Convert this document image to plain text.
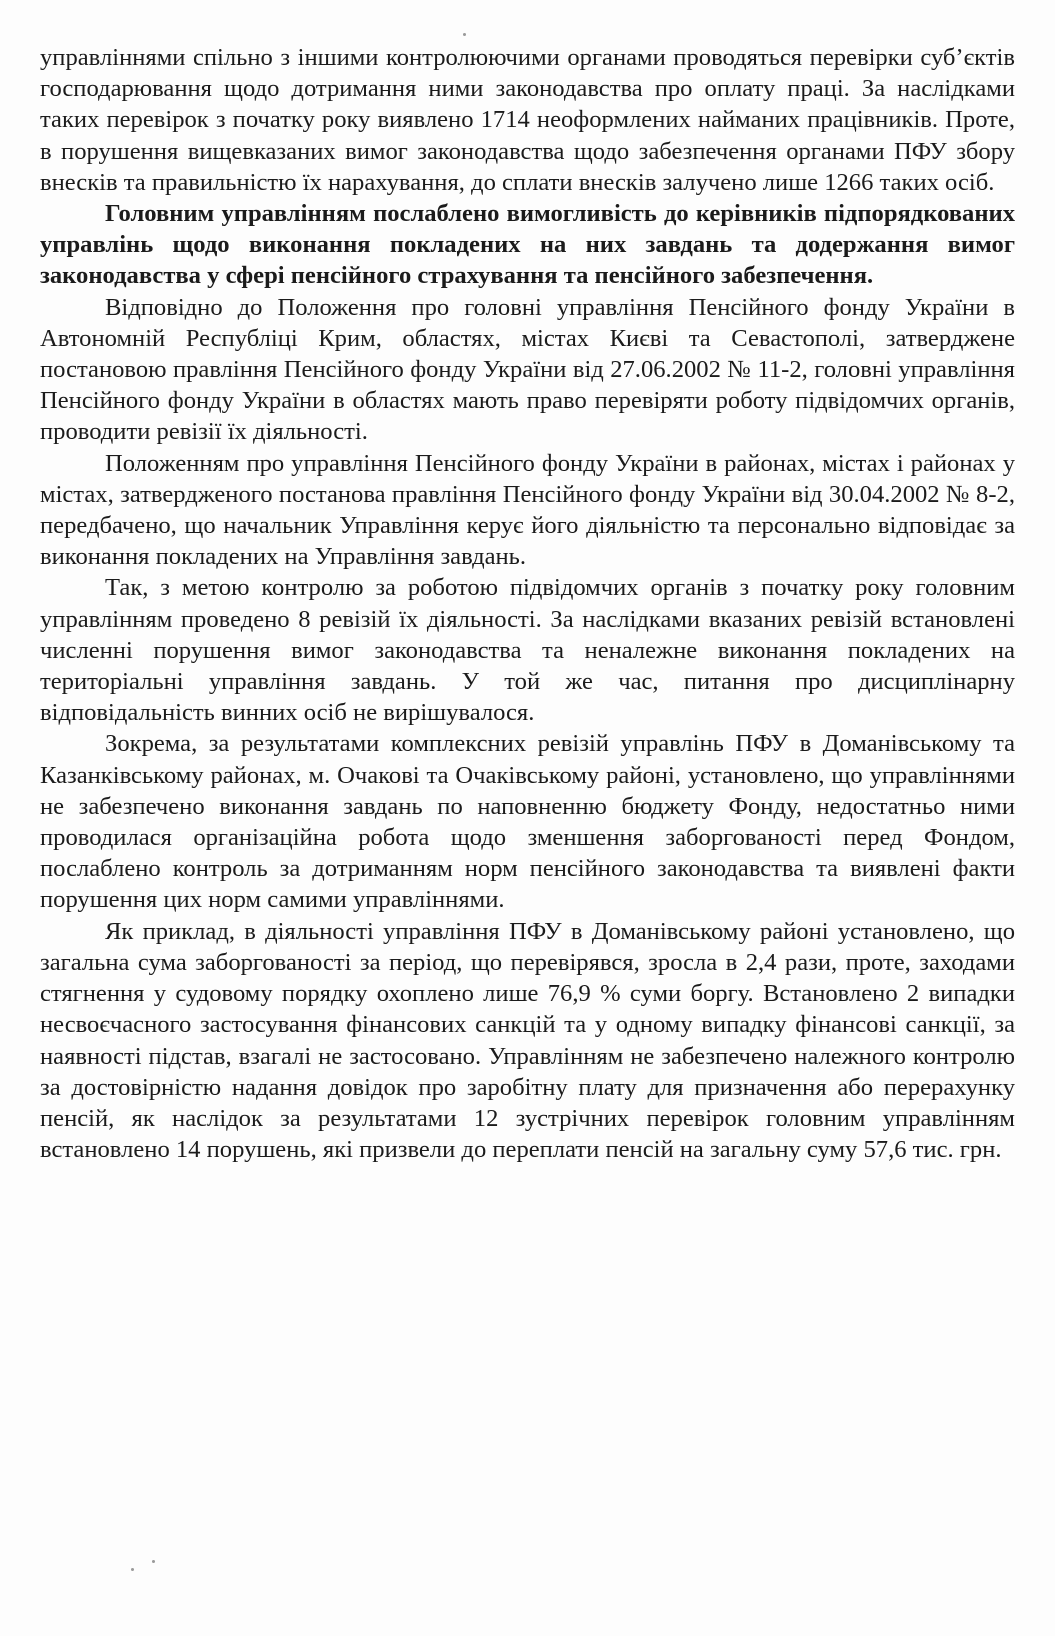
управліннями спільно з іншими контролюючими органами проводяться перевірки суб’єктів господарювання щодо дотримання ними законодавства про оплату праці. За наслідками таких перевірок з початку року виявлено 1714 неоформлених найманих працівників. Проте, в порушення вищевказаних вимог законодавства щодо забезпечення органами ПФУ збору внесків та правильністю їх нарахування, до сплати внесків залучено лише 1266 таких осіб.

Головним управлінням послаблено вимогливість до керівників підпорядкованих управлінь щодо виконання покладених на них завдань та додержання вимог законодавства у сфері пенсійного страхування та пенсійного забезпечення.

Відповідно до Положення про головні управління Пенсійного фонду України в Автономній Республіці Крим, областях, містах Києві та Севастополі, затверджене постановою правління Пенсійного фонду України від 27.06.2002 № 11-2, головні управління Пенсійного фонду України в областях мають право перевіряти роботу підвідомчих органів, проводити ревізії їх діяльності.

Положенням про управління Пенсійного фонду України в районах, містах і районах у містах, затвердженого постанова правління Пенсійного фонду України від 30.04.2002 № 8-2, передбачено, що начальник Управління керує його діяльністю та персонально відповідає за виконання покладених на Управління завдань.

Так, з метою контролю за роботою підвідомчих органів з початку року головним управлінням проведено 8 ревізій їх діяльності. За наслідками вказаних ревізій встановлені численні порушення вимог законодавства та неналежне виконання покладених на територіальні управління завдань. У той же час, питання про дисциплінарну відповідальність винних осіб не вирішувалося.

Зокрема, за результатами комплексних ревізій управлінь ПФУ в Доманівському та Казанківському районах, м. Очакові та Очаківському районі, установлено, що управліннями не забезпечено виконання завдань по наповненню бюджету Фонду, недостатньо ними проводилася організаційна робота щодо зменшення заборгованості перед Фондом, послаблено контроль за дотриманням норм пенсійного законодавства та виявлені факти порушення цих норм самими управліннями.

Як приклад, в діяльності управління ПФУ в Доманівському районі установлено, що загальна сума заборгованості за період, що перевірявся, зросла в 2,4 рази, проте, заходами стягнення у судовому порядку охоплено лише 76,9 % суми боргу. Встановлено 2 випадки несвоєчасного застосування фінансових санкцій та у одному випадку фінансові санкції, за наявності підстав, взагалі не застосовано. Управлінням не забезпечено належного контролю за достовірністю надання довідок про заробітну плату для призначення або перерахунку пенсій, як наслідок за результатами 12 зустрічних перевірок головним управлінням встановлено 14 порушень, які призвели до переплати пенсій на загальну суму 57,6 тис. грн.
